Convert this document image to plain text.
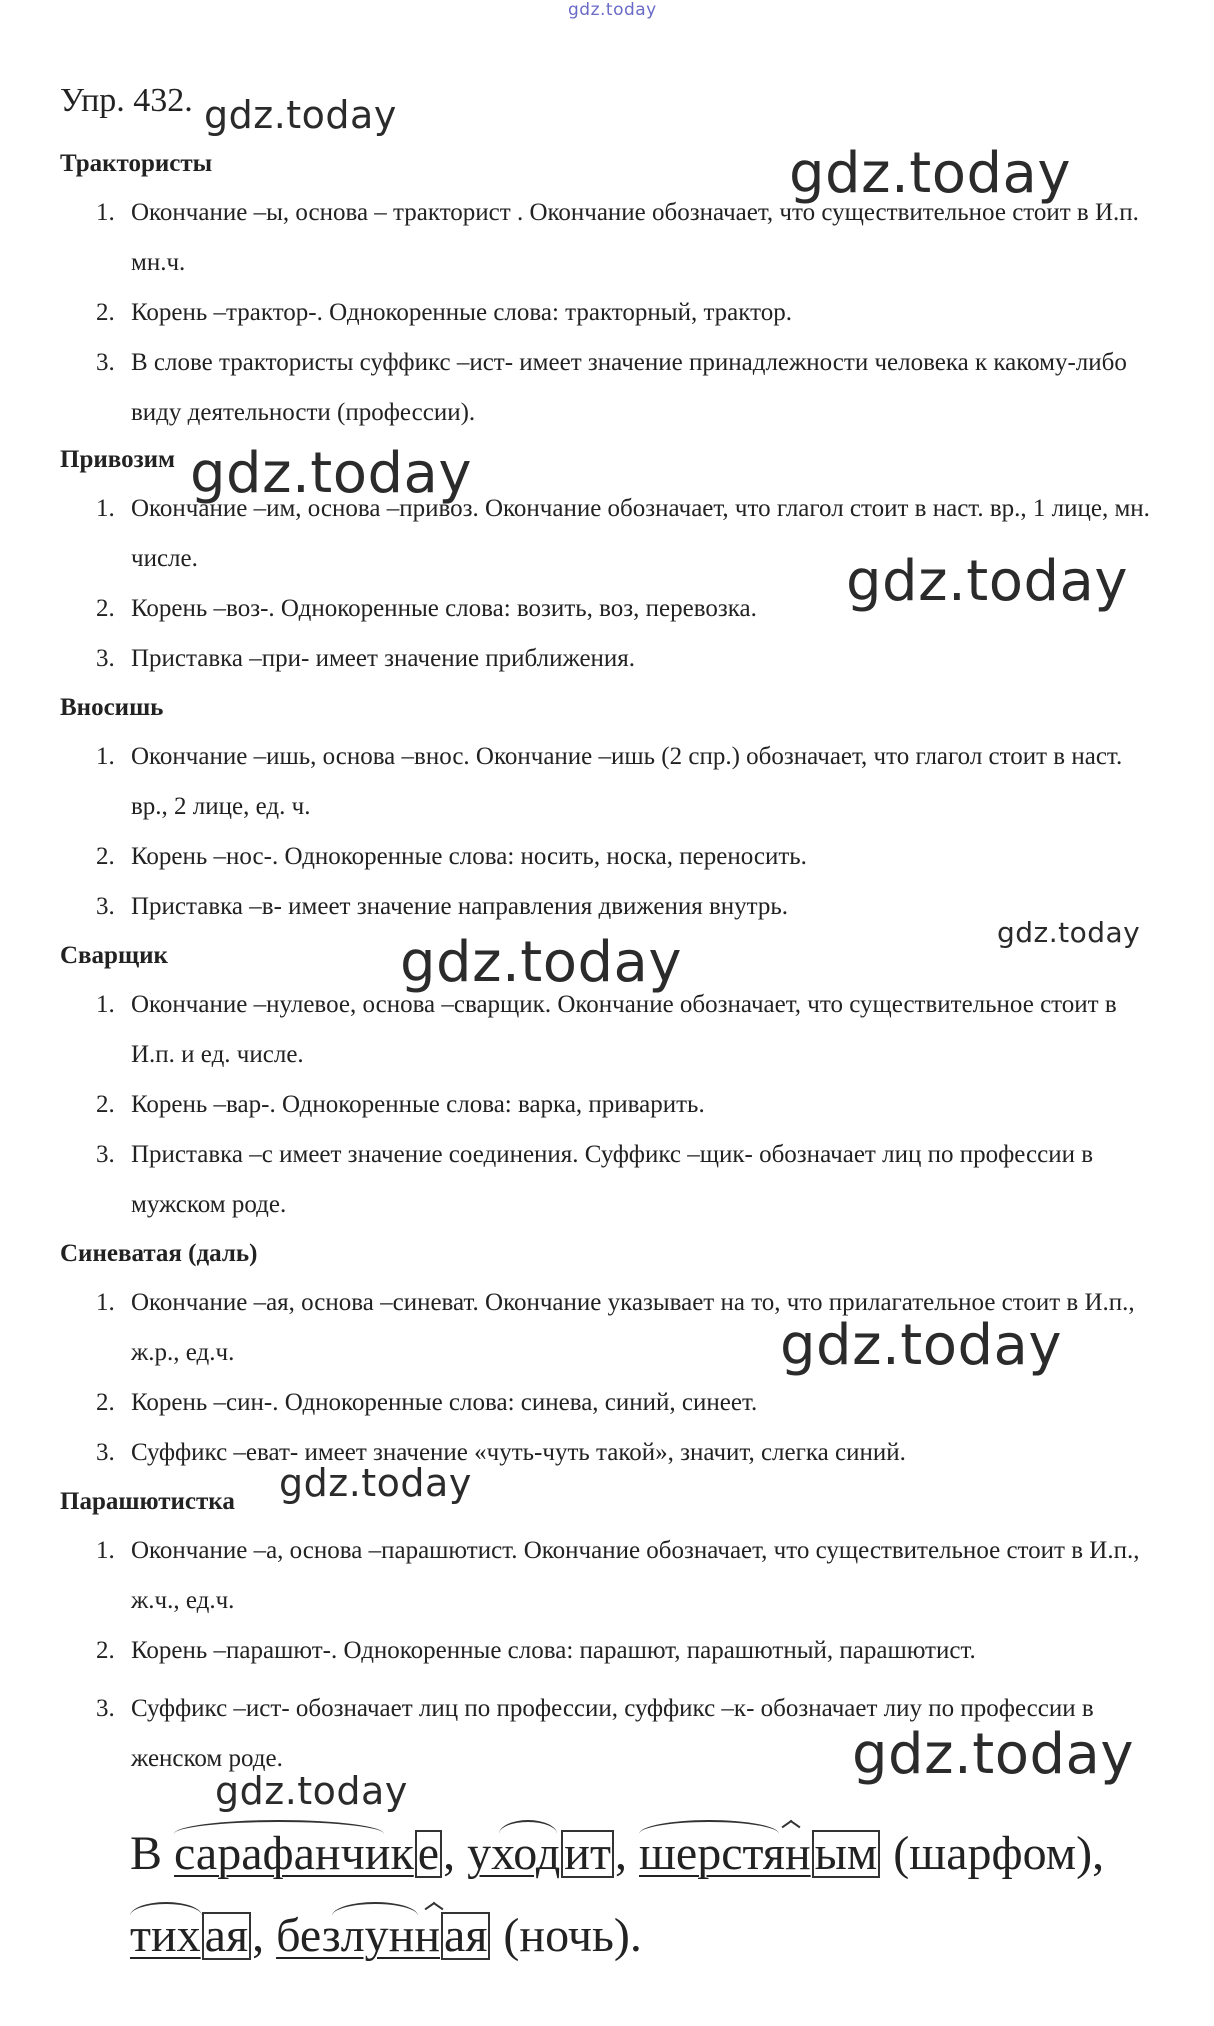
gdz.today
gdz.today
gdz.today
gdz.today
gdz.today
gdz.today
gdz.today
gdz.today
gdz.today
gdz.today
gdz.today
Упр. 432.
Трактористы
1. Окончание –ы, основа – тракторист . Окончание обозначает, что существительное стоит в И.п. мн.ч.
2. Корень –трактор-. Однокоренные слова: тракторный, трактор.
3. В слове трактористы суффикс –ист- имеет значение принадлежности человека к какому-либо виду деятельности (профессии).
Привозим
1. Окончание –им, основа –привоз. Окончание обозначает, что глагол стоит в наст. вр., 1 лице, мн. числе.
2. Корень –воз-. Однокоренные слова: возить, воз, перевозка.
3. Приставка –при- имеет значение приближения.
Вносишь
1. Окончание –ишь, основа –внос. Окончание –ишь (2 спр.) обозначает, что глагол стоит в наст. вр., 2 лице, ед. ч.
2. Корень –нос-. Однокоренные слова: носить, носка, переносить.
3. Приставка –в- имеет значение направления движения внутрь.
Сварщик
1. Окончание –нулевое, основа –сварщик. Окончание обозначает, что существительное стоит в И.п. и ед. числе.
2. Корень –вар-. Однокоренные слова: варка, приварить.
3. Приставка –с имеет значение соединения. Суффикс –щик- обозначает лиц по профессии в мужском роде.
Синеватая (даль)
1. Окончание –ая, основа –синеват. Окончание указывает на то, что прилагательное стоит в И.п., ж.р., ед.ч.
2. Корень –син-. Однокоренные слова: синева, синий, синеет.
3. Суффикс –еват- имеет значение «чуть-чуть такой», значит, слегка синий.
Парашютистка
1. Окончание –а, основа –парашютист. Окончание обозначает, что существительное стоит в И.п., ж.ч., ед.ч.
2. Корень –парашют-. Однокоренные слова: парашют, парашютный, парашютист.
3. Суффикс –ист- обозначает лиц по профессии, суффикс –к- обозначает лиу по профессии в женском роде.
В сарафанчике
, уходит
, шерстяным (шарфом),
тихая
, безлунная (ночь).
